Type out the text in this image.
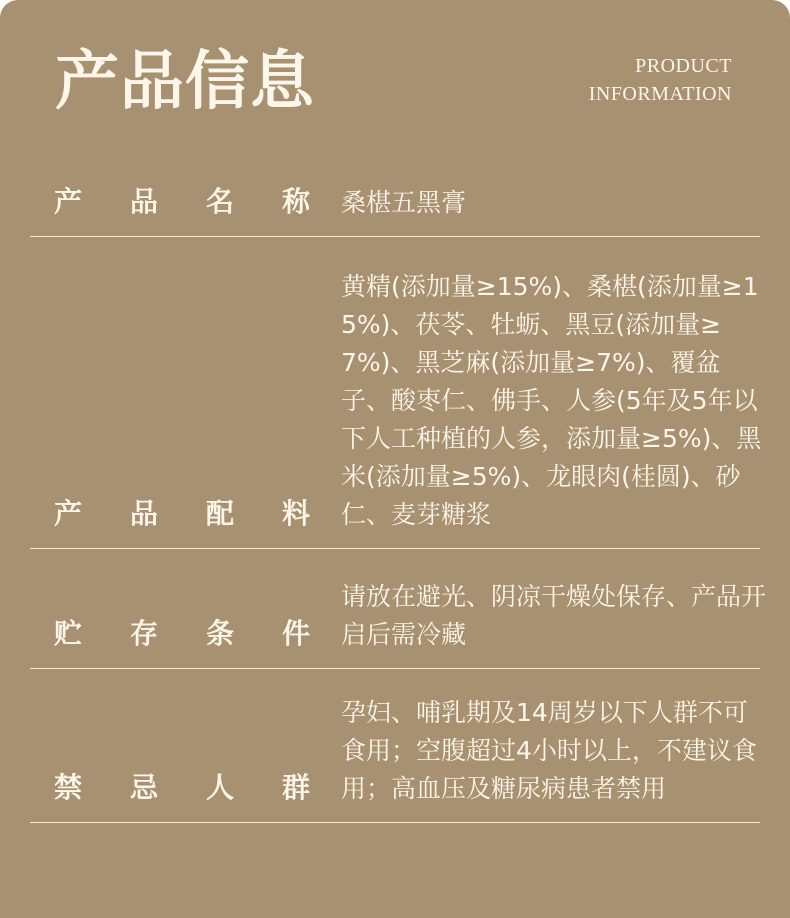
产品信息	PRODUCT
INFORMATION
产 品 名 称 桑椹五黑膏
产 品 配 料
黄精(添加量≥15%)、桑椹(添加量≥15%)、茯苓、牡蛎、黑豆(添加量≥7%)、黑芝麻(添加量≥7%)、覆盆子、酸枣仁、佛手、人参(5年及5年以下人工种植的人参，添加量≥5%)、黑米(添加量≥5%)、龙眼肉(桂圆)、砂仁、麦芽糖浆
贮 存 条 件
请放在避光、阴凉干燥处保存、产品开启后需冷藏
禁 忌 人 群
孕妇、哺乳期及14周岁以下人群不可食用；空腹超过4小时以上，不建议食用；高血压及糖尿病患者禁用
